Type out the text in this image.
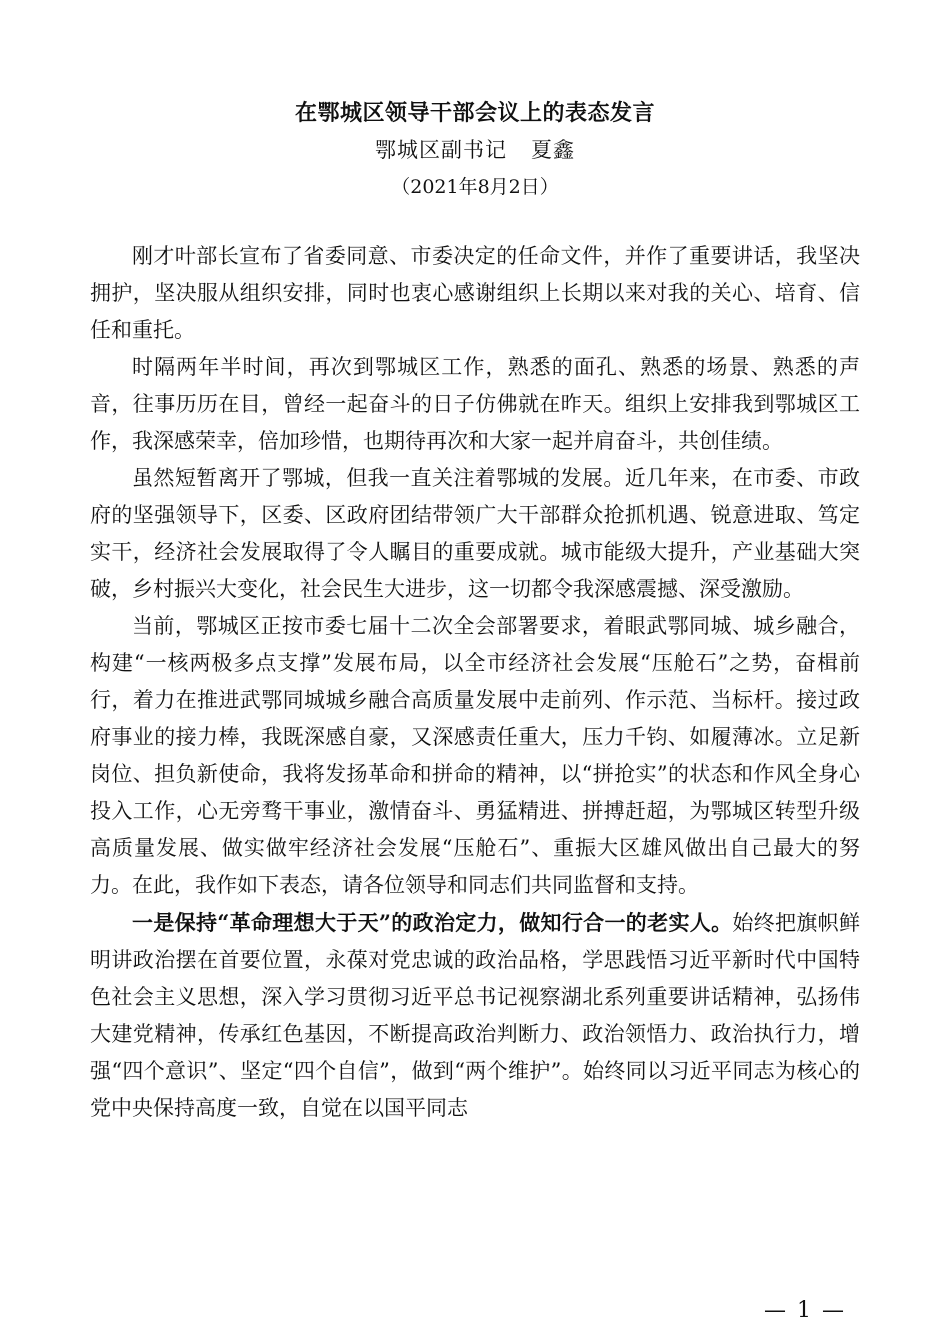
在鄂城区领导干部会议上的表态发言
鄂城区副书记 夏鑫
（2021年8月2日）

刚才叶部长宣布了省委同意、市委决定的任命文件，并作了重要讲话，我坚决拥护，坚决服从组织安排，同时也衷心感谢组织上长期以来对我的关心、培育、信任和重托。

时隔两年半时间，再次到鄂城区工作，熟悉的面孔、熟悉的场景、熟悉的声音，往事历历在目，曾经一起奋斗的日子仿佛就在昨天。组织上安排我到鄂城区工作，我深感荣幸，倍加珍惜，也期待再次和大家一起并肩奋斗，共创佳绩。

虽然短暂离开了鄂城，但我一直关注着鄂城的发展。近几年来，在市委、市政府的坚强领导下，区委、区政府团结带领广大干部群众抢抓机遇、锐意进取、笃定实干，经济社会发展取得了令人瞩目的重要成就。城市能级大提升，产业基础大突破，乡村振兴大变化，社会民生大进步，这一切都令我深感震撼、深受激励。

当前，鄂城区正按市委七届十二次全会部署要求，着眼武鄂同城、城乡融合，构建“一核两极多点支撑”发展布局，以全市经济社会发展“压舱石”之势，奋楫前行，着力在推进武鄂同城城乡融合高质量发展中走前列、作示范、当标杆。接过政府事业的接力棒，我既深感自豪，又深感责任重大，压力千钧、如履薄冰。立足新岗位、担负新使命，我将发扬革命和拼命的精神，以“拼抢实”的状态和作风全身心投入工作，心无旁骛干事业，激情奋斗、勇猛精进、拼搏赶超，为鄂城区转型升级高质量发展、做实做牢经济社会发展“压舱石”、重振大区雄风做出自己最大的努力。在此，我作如下表态，请各位领导和同志们共同监督和支持。

一是保持“革命理想大于天”的政治定力，做知行合一的老实人。始终把旗帜鲜明讲政治摆在首要位置，永葆对党忠诚的政治品格，学思践悟习近平新时代中国特色社会主义思想，深入学习贯彻习近平总书记视察湖北系列重要讲话精神，弘扬伟大建党精神，传承红色基因，不断提高政治判断力、政治领悟力、政治执行力，增强“四个意识”、坚定“四个自信”，做到“两个维护”。始终同以习近平同志为核心的党中央保持高度一致，自觉在以国平同志

— 1 —
